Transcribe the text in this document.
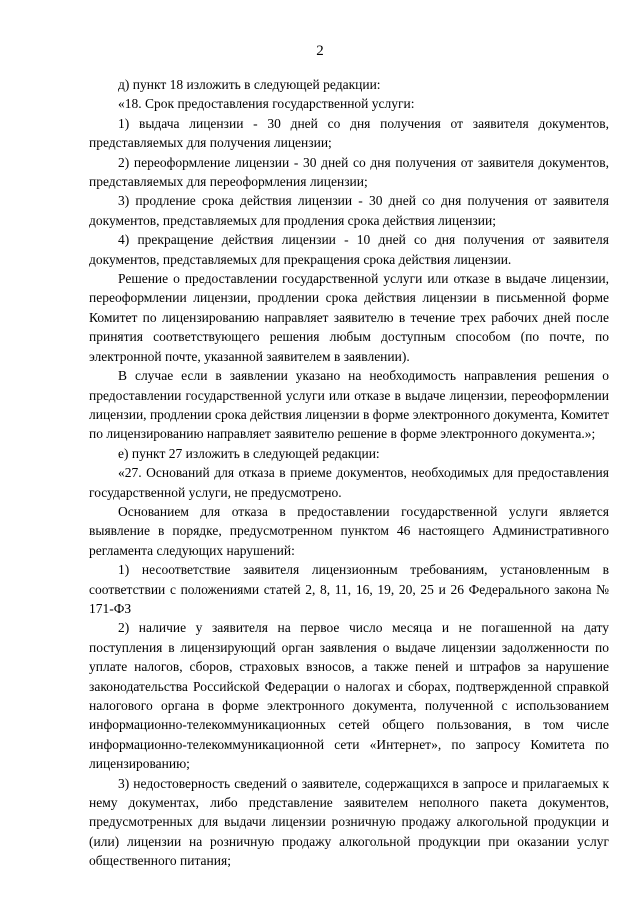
2

д) пункт 18 изложить в следующей редакции:

«18. Срок предоставления государственной услуги:

1) выдача лицензии - 30 дней со дня получения от заявителя документов, представляемых для получения лицензии;

2) переоформление лицензии - 30 дней со дня получения от заявителя документов, представляемых для переоформления лицензии;

3) продление срока действия лицензии - 30 дней со дня получения от заявителя документов, представляемых для продления срока действия лицензии;

4) прекращение действия лицензии - 10 дней со дня получения от заявителя документов, представляемых для прекращения срока действия лицензии.

Решение о предоставлении государственной услуги или отказе в выдаче лицензии, переоформлении лицензии, продлении срока действия лицензии в письменной форме Комитет по лицензированию направляет заявителю в течение трех рабочих дней после принятия соответствующего решения любым доступным способом (по почте, по электронной почте, указанной заявителем в заявлении).

В случае если в заявлении указано на необходимость направления решения о предоставлении государственной услуги или отказе в выдаче лицензии, переоформлении лицензии, продлении срока действия лицензии в форме электронного документа, Комитет по лицензированию направляет заявителю решение в форме электронного документа.»;

е) пункт 27 изложить в следующей редакции:

«27. Оснований для отказа в приеме документов, необходимых для предоставления государственной услуги, не предусмотрено.

Основанием для отказа в предоставлении государственной услуги является выявление в порядке, предусмотренном пунктом 46 настоящего Административного регламента следующих нарушений:

1) несоответствие заявителя лицензионным требованиям, установленным в соответствии с положениями статей 2, 8, 11, 16, 19, 20, 25 и 26 Федерального закона № 171-ФЗ

2) наличие у заявителя на первое число месяца и не погашенной на дату поступления в лицензирующий орган заявления о выдаче лицензии задолженности по уплате налогов, сборов, страховых взносов, а также пеней и штрафов за нарушение законодательства Российской Федерации о налогах и сборах, подтвержденной справкой налогового органа в форме электронного документа, полученной с использованием информационно-телекоммуникационных сетей общего пользования, в том числе информационно-телекоммуникационной сети «Интернет», по запросу Комитета по лицензированию;

3) недостоверность сведений о заявителе, содержащихся в запросе и прилагаемых к нему документах, либо представление заявителем неполного пакета документов, предусмотренных для выдачи лицензии розничную продажу алкогольной продукции и (или) лицензии на розничную продажу алкогольной продукции при оказании услуг общественного питания;
